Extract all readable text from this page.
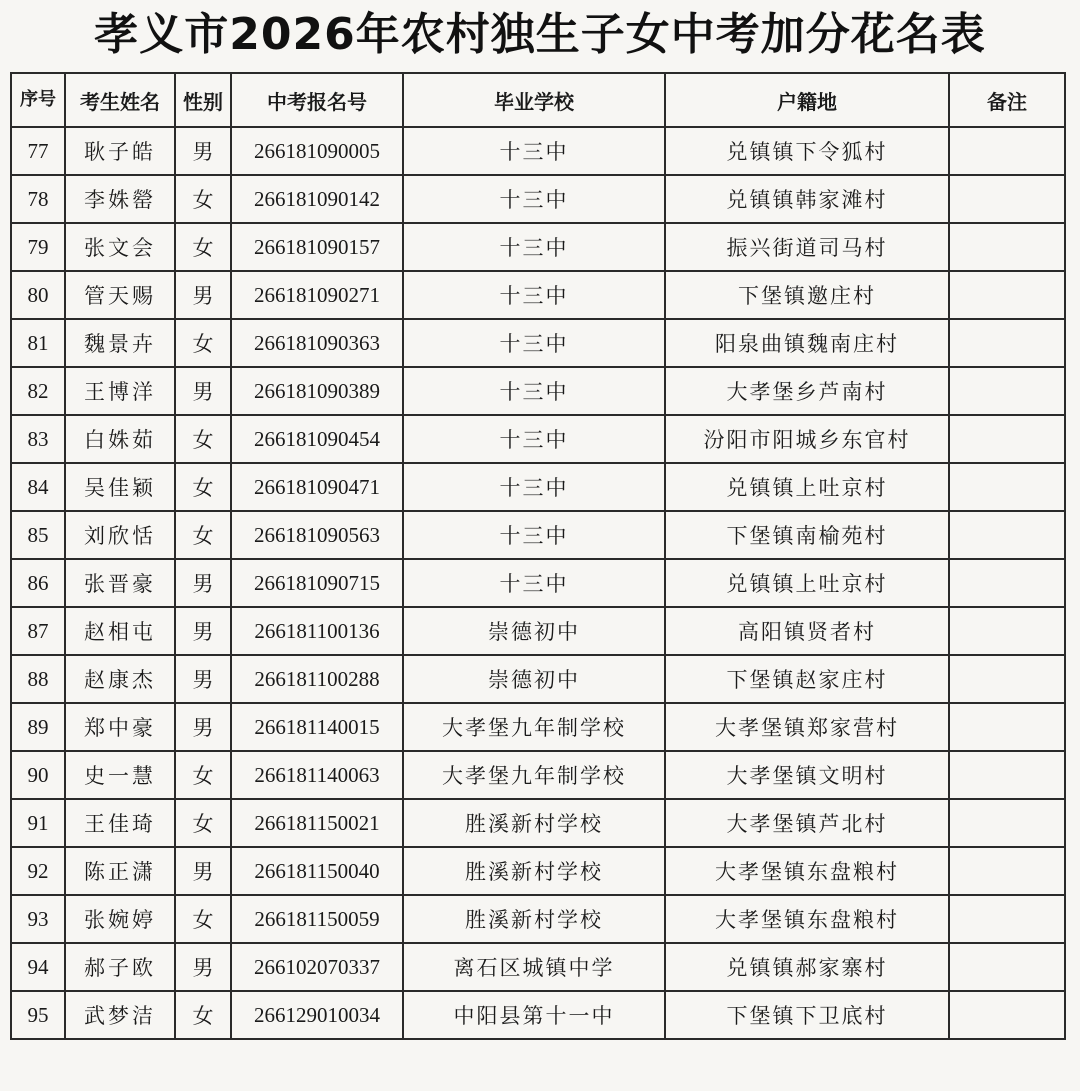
孝义市2026年农村独生子女中考加分花名表
序号	考生姓名	性别	中考报名号	毕业学校	户籍地	备注
77	耿子皓	男	266181090005	十三中	兑镇镇下令狐村	
78	李姝罃	女	266181090142	十三中	兑镇镇韩家滩村	
79	张文会	女	266181090157	十三中	振兴街道司马村	
80	管天赐	男	266181090271	十三中	下堡镇邀庄村	
81	魏景卉	女	266181090363	十三中	阳泉曲镇魏南庄村	
82	王博洋	男	266181090389	十三中	大孝堡乡芦南村	
83	白姝茹	女	266181090454	十三中	汾阳市阳城乡东官村	
84	吴佳颖	女	266181090471	十三中	兑镇镇上吐京村	
85	刘欣恬	女	266181090563	十三中	下堡镇南榆苑村	
86	张晋豪	男	266181090715	十三中	兑镇镇上吐京村	
87	赵相屯	男	266181100136	崇德初中	高阳镇贤者村	
88	赵康杰	男	266181100288	崇德初中	下堡镇赵家庄村	
89	郑中豪	男	266181140015	大孝堡九年制学校	大孝堡镇郑家营村	
90	史一慧	女	266181140063	大孝堡九年制学校	大孝堡镇文明村	
91	王佳琦	女	266181150021	胜溪新村学校	大孝堡镇芦北村	
92	陈正潇	男	266181150040	胜溪新村学校	大孝堡镇东盘粮村	
93	张婉婷	女	266181150059	胜溪新村学校	大孝堡镇东盘粮村	
94	郝子欧	男	266102070337	离石区城镇中学	兑镇镇郝家寨村	
95	武梦洁	女	266129010034	中阳县第十一中	下堡镇下卫底村	
